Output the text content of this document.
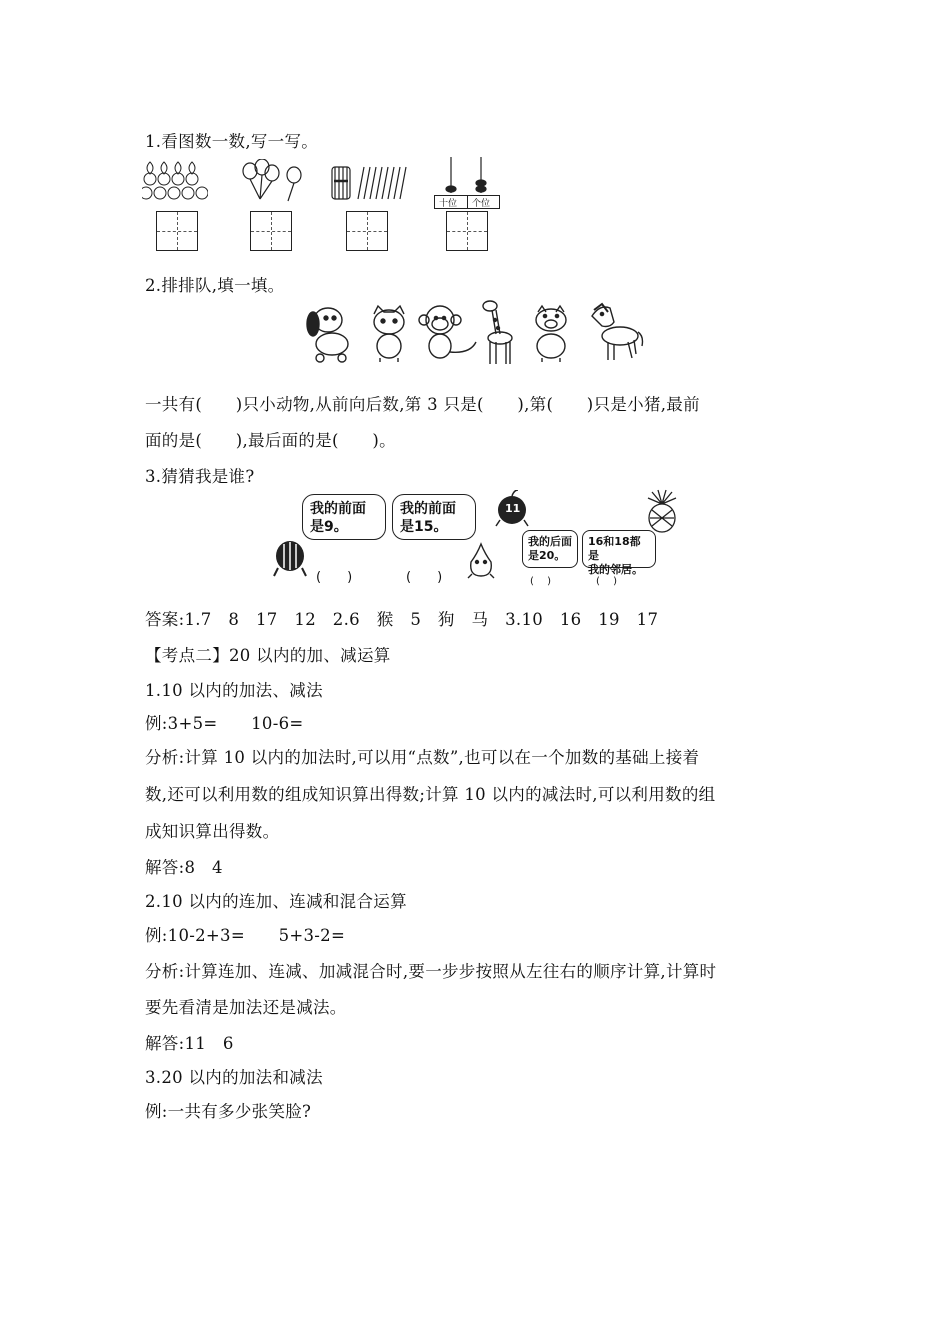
1.看图数一数,写一写。
2.排排队,填一填。
一共有(　　)只小动物,从前向后数,第 3 只是(　　),第(　　)只是小猪,最前
面的是(　　),最后面的是(　　)。
3.猜猜我是谁?
答案:1.7　8　17　12　2.6　猴　5　狗　马　3.10　16　19　17
【考点二】20 以内的加、减运算
1.10 以内的加法、减法
例:3+5=　　10-6=
分析:计算 10 以内的加法时,可以用“点数”,也可以在一个加数的基础上接着
数,还可以利用数的组成知识算出得数;计算 10 以内的减法时,可以利用数的组
成知识算出得数。
解答:8　4
2.10 以内的连加、连减和混合运算
例:10-2+3=　　5+3-2=
分析:计算连加、连减、加减混合时,要一步步按照从左往右的顺序计算,计算时
要先看清是加法还是减法。
解答:11　6
3.20 以内的加法和减法
例:一共有多少张笑脸?
十位 个位
我的前面
是9。
我的前面
是15。
(　　)	(　　)
11
我的后面
是20。
16和18都是
我的邻居。
(　 )	(　 )
